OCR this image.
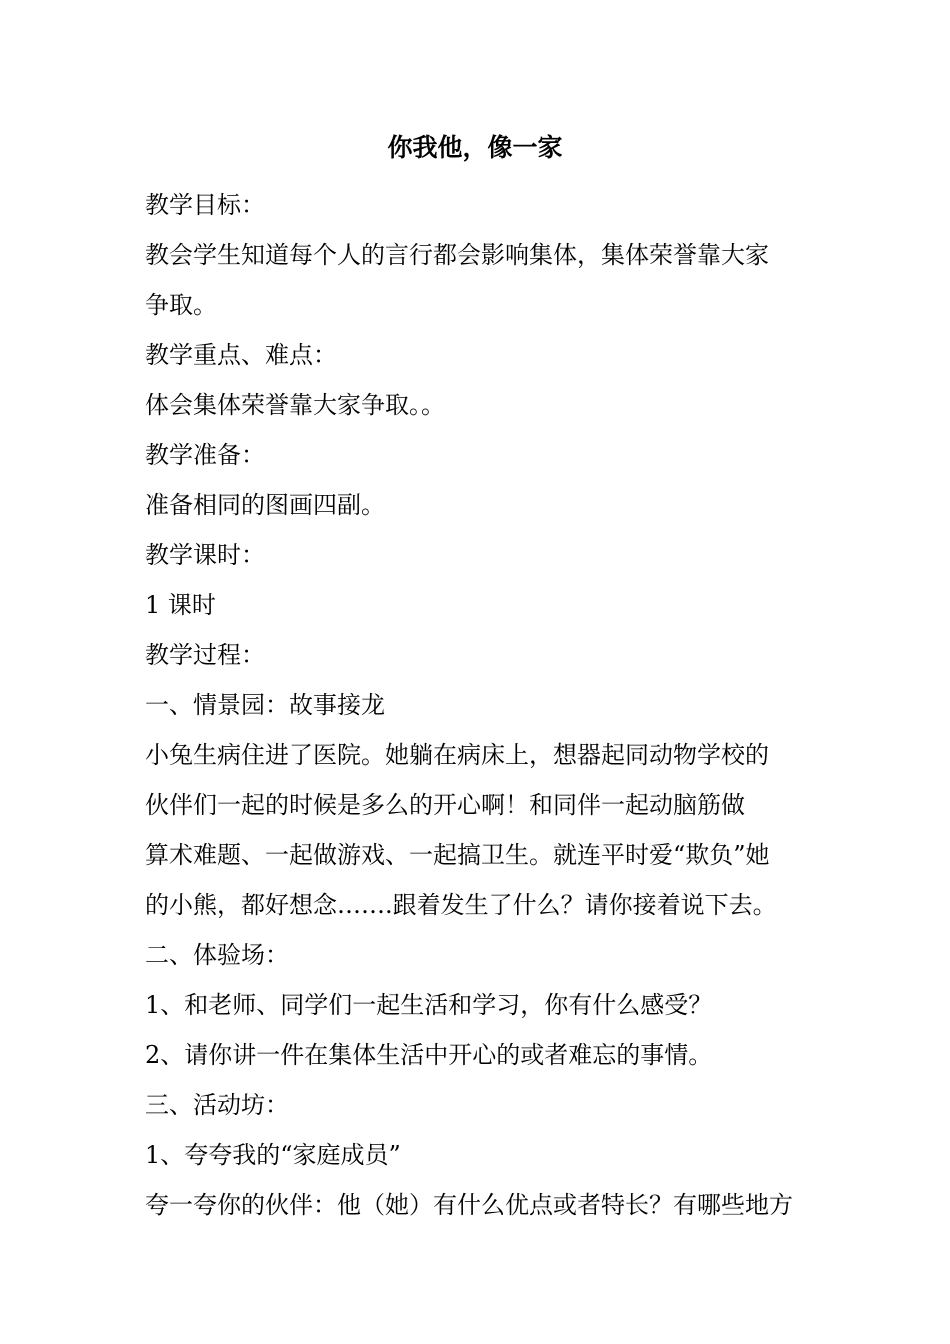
你我他，像一家

教学目标：

教会学生知道每个人的言行都会影响集体，集体荣誉靠大家

争取。

教学重点、难点：

体会集体荣誉靠大家争取。。

教学准备：

准备相同的图画四副。

教学课时：

1 课时

教学过程：

一、情景园：故事接龙

小兔生病住进了医院。她躺在病床上，想器起同动物学校的

伙伴们一起的时候是多么的开心啊！和同伴一起动脑筋做

算术难题、一起做游戏、一起搞卫生。就连平时爱“欺负”她

的小熊，都好想念…….跟着发生了什么？请你接着说下去。

二、体验场：

1、和老师、同学们一起生活和学习，你有什么感受？

2、请你讲一件在集体生活中开心的或者难忘的事情。

三、活动坊：

1、夸夸我的“家庭成员”

夸一夸你的伙伴：他（她）有什么优点或者特长？有哪些地方
